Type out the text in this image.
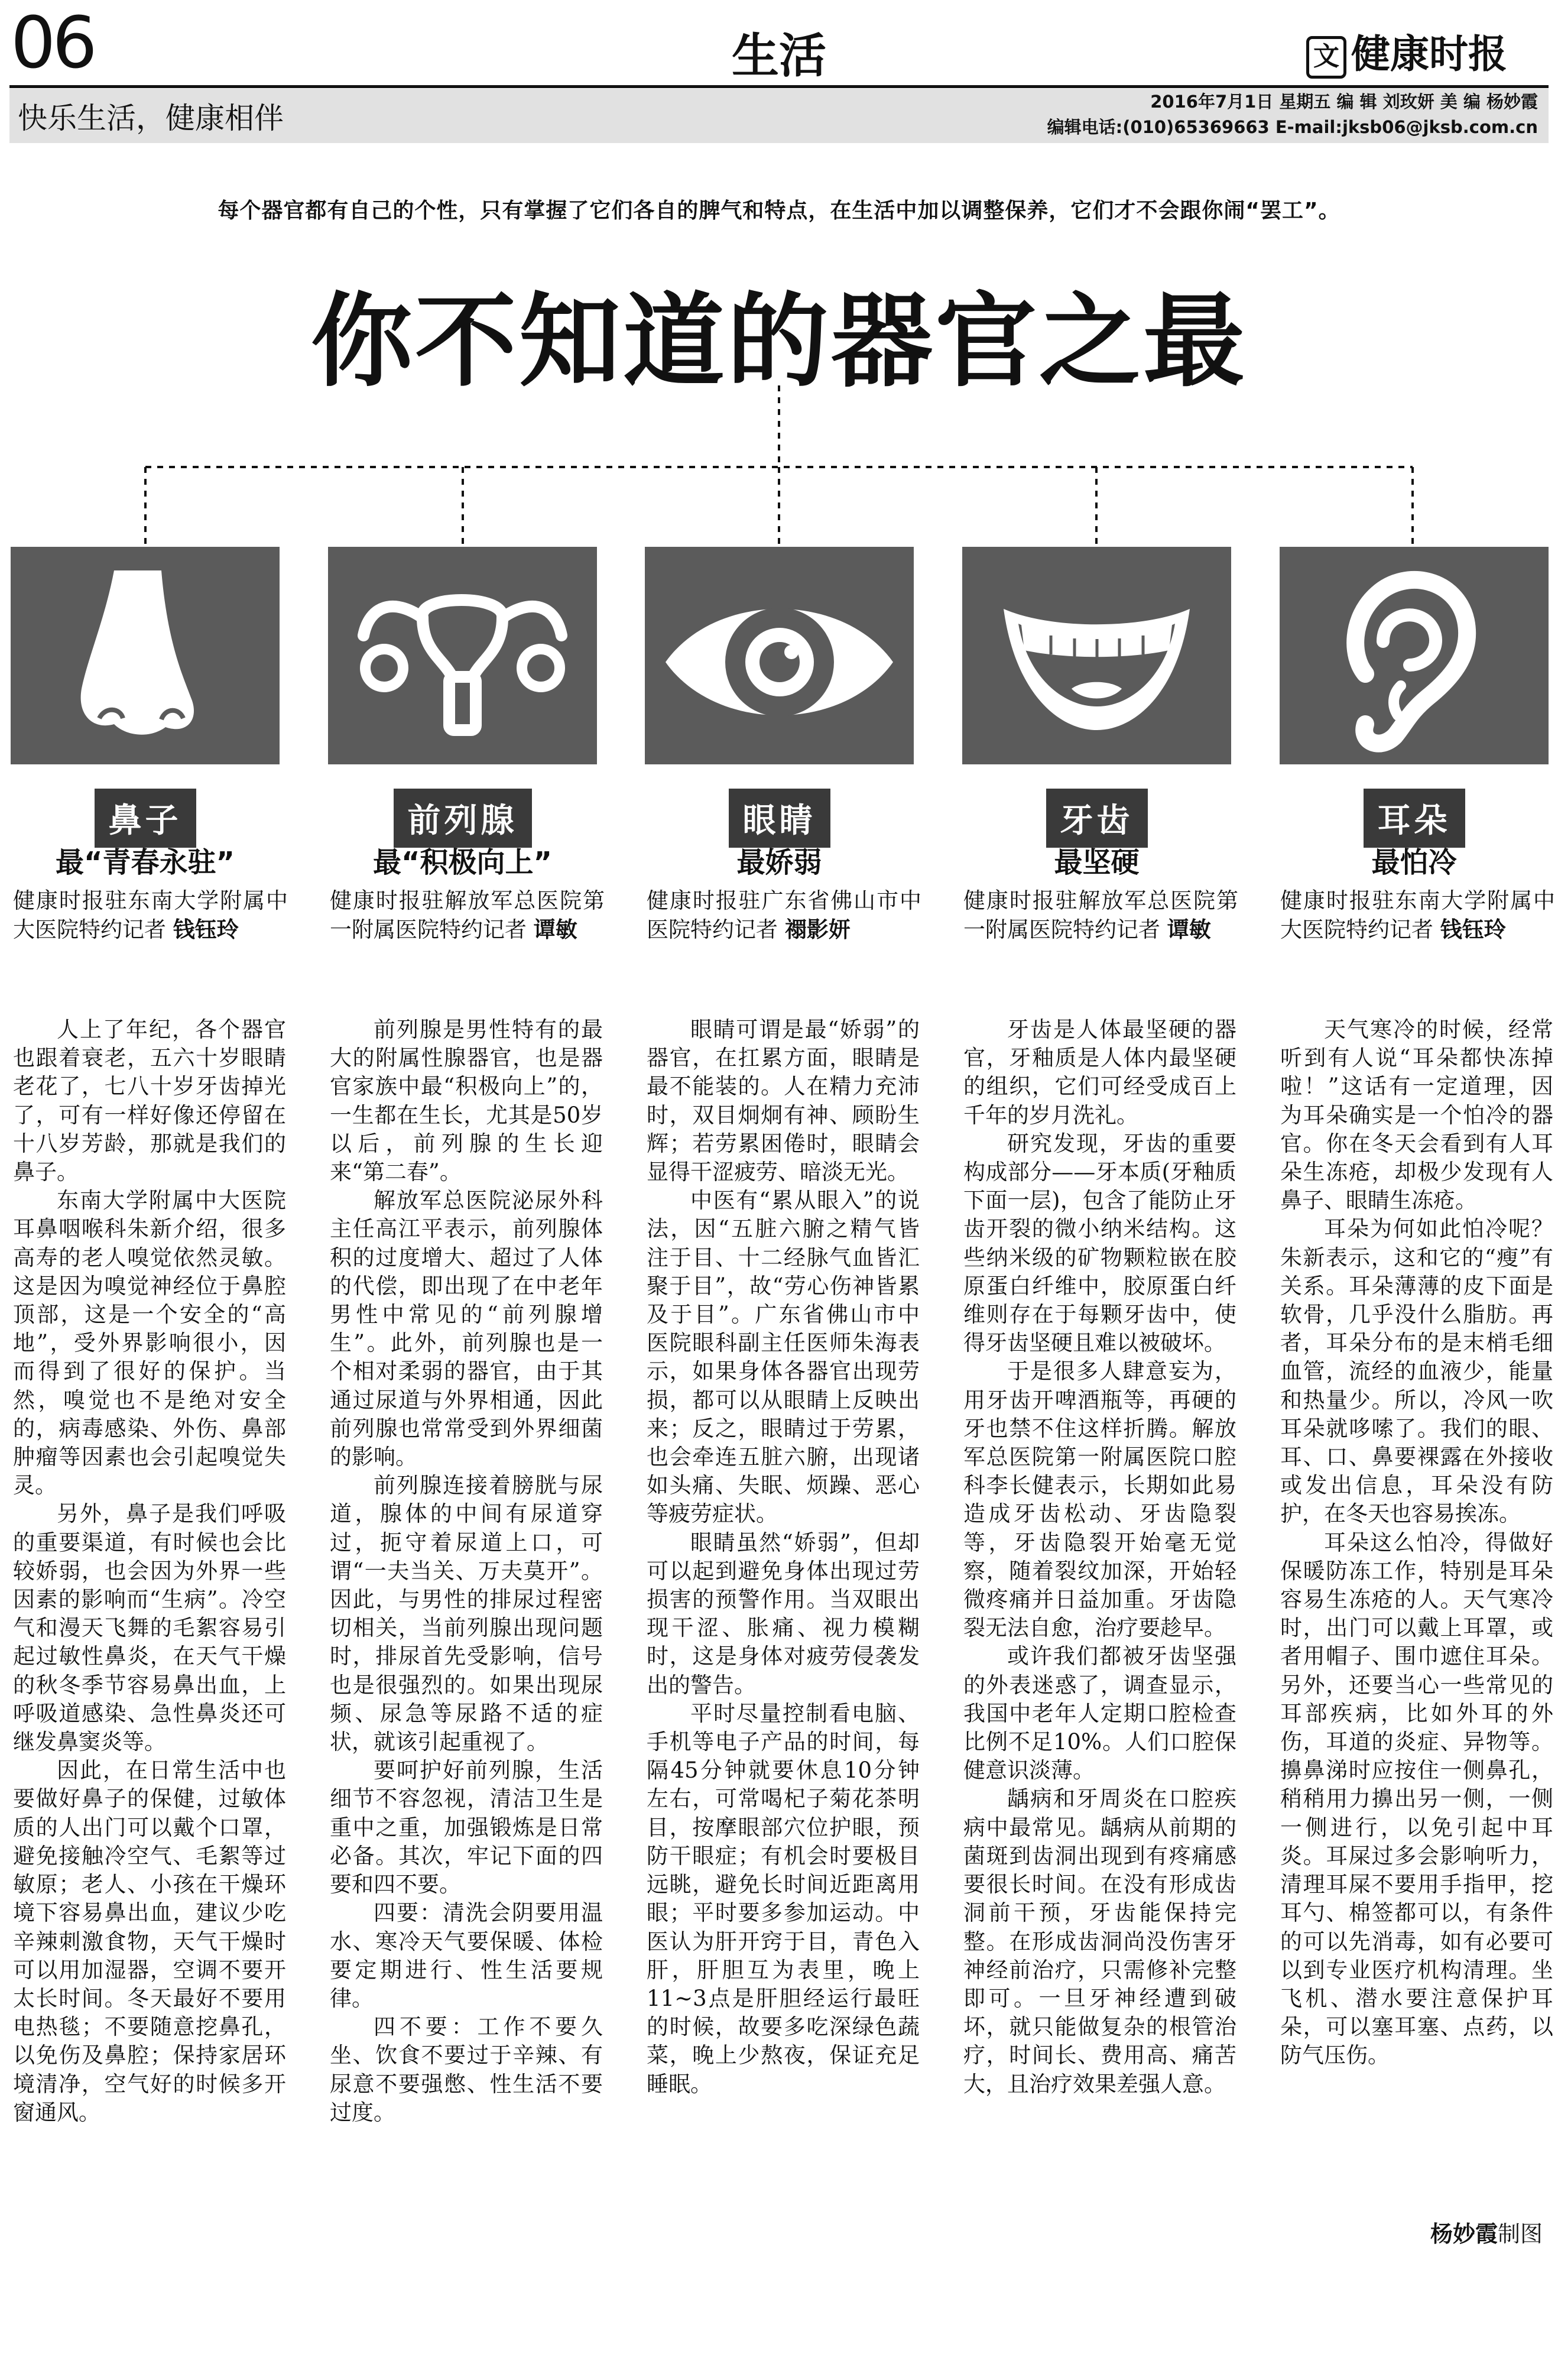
06	生活	文 健康时报
快乐生活，健康相伴	2016年7月1日 星期五 编 辑 刘玫妍 美 编 杨妙霞
编辑电话:(010)65369663 E-mail:jksb06@jksb.com.cn
每个器官都有自己的个性，只有掌握了它们各自的脾气和特点，在生活中加以调整保养，它们才不会跟你闹“罢工”。
你不知道的器官之最
鼻子	前列腺	眼睛	牙齿	耳朵
最“青春永驻”	最“积极向上”	最娇弱	最坚硬	最怕冷
健康时报驻东南大学附属中大医院特约记者 钱钰玲
健康时报驻解放军总医院第一附属医院特约记者 谭敏
健康时报驻广东省佛山市中医院特约记者 禤影妍
健康时报驻解放军总医院第一附属医院特约记者 谭敏
健康时报驻东南大学附属中大医院特约记者 钱钰玲

人上了年纪，各个器官也跟着衰老，五六十岁眼睛老花了，七八十岁牙齿掉光了，可有一样好像还停留在十八岁芳龄，那就是我们的鼻子。

东南大学附属中大医院耳鼻咽喉科朱新介绍，很多高寿的老人嗅觉依然灵敏。这是因为嗅觉神经位于鼻腔顶部，这是一个安全的“高地”，受外界影响很小，因而得到了很好的保护。当然，嗅觉也不是绝对安全的，病毒感染、外伤、鼻部肿瘤等因素也会引起嗅觉失灵。

另外，鼻子是我们呼吸的重要渠道，有时候也会比较娇弱，也会因为外界一些因素的影响而“生病”。冷空气和漫天飞舞的毛絮容易引起过敏性鼻炎，在天气干燥的秋冬季节容易鼻出血，上呼吸道感染、急性鼻炎还可继发鼻窦炎等。

因此，在日常生活中也要做好鼻子的保健，过敏体质的人出门可以戴个口罩，避免接触冷空气、毛絮等过敏原；老人、小孩在干燥环境下容易鼻出血，建议少吃辛辣刺激食物，天气干燥时可以用加湿器，空调不要开太长时间。冬天最好不要用电热毯；不要随意挖鼻孔，以免伤及鼻腔；保持家居环境清净，空气好的时候多开窗通风。

前列腺是男性特有的最大的附属性腺器官，也是器官家族中最“积极向上”的，一生都在生长，尤其是50岁以后，前列腺的生长迎来“第二春”。

解放军总医院泌尿外科主任高江平表示，前列腺体积的过度增大、超过了人体的代偿，即出现了在中老年男性中常见的“前列腺增生”。此外，前列腺也是一个相对柔弱的器官，由于其通过尿道与外界相通，因此前列腺也常常受到外界细菌的影响。

前列腺连接着膀胱与尿道，腺体的中间有尿道穿过，扼守着尿道上口，可谓“一夫当关、万夫莫开”。因此，与男性的排尿过程密切相关，当前列腺出现问题时，排尿首先受影响，信号也是很强烈的。如果出现尿频、尿急等尿路不适的症状，就该引起重视了。

要呵护好前列腺，生活细节不容忽视，清洁卫生是重中之重，加强锻炼是日常必备。其次，牢记下面的四要和四不要。

四要：清洗会阴要用温水、寒冷天气要保暖、体检要定期进行、性生活要规律。

四不要：工作不要久坐、饮食不要过于辛辣、有尿意不要强憋、性生活不要过度。

眼睛可谓是最“娇弱”的器官，在扛累方面，眼睛是最不能装的。人在精力充沛时，双目炯炯有神、顾盼生辉；若劳累困倦时，眼睛会显得干涩疲劳、暗淡无光。

中医有“累从眼入”的说法，因“五脏六腑之精气皆注于目、十二经脉气血皆汇聚于目”，故“劳心伤神皆累及于目”。广东省佛山市中医院眼科副主任医师朱海表示，如果身体各器官出现劳损，都可以从眼睛上反映出来；反之，眼睛过于劳累，也会牵连五脏六腑，出现诸如头痛、失眠、烦躁、恶心等疲劳症状。

眼睛虽然“娇弱”，但却可以起到避免身体出现过劳损害的预警作用。当双眼出现干涩、胀痛、视力模糊时，这是身体对疲劳侵袭发出的警告。

平时尽量控制看电脑、手机等电子产品的时间，每隔45分钟就要休息10分钟左右，可常喝杞子菊花茶明目，按摩眼部穴位护眼，预防干眼症；有机会时要极目远眺，避免长时间近距离用眼；平时要多参加运动。中医认为肝开窍于目，青色入肝，肝胆互为表里，晚上11~3点是肝胆经运行最旺的时候，故要多吃深绿色蔬菜，晚上少熬夜，保证充足睡眠。

牙齿是人体最坚硬的器官，牙釉质是人体内最坚硬的组织，它们可经受成百上千年的岁月洗礼。

研究发现，牙齿的重要构成部分——牙本质(牙釉质下面一层)，包含了能防止牙齿开裂的微小纳米结构。这些纳米级的矿物颗粒嵌在胶原蛋白纤维中，胶原蛋白纤维则存在于每颗牙齿中，使得牙齿坚硬且难以被破坏。

于是很多人肆意妄为，用牙齿开啤酒瓶等，再硬的牙也禁不住这样折腾。解放军总医院第一附属医院口腔科李长健表示，长期如此易造成牙齿松动、牙齿隐裂等，牙齿隐裂开始毫无觉察，随着裂纹加深，开始轻微疼痛并日益加重。牙齿隐裂无法自愈，治疗要趁早。

或许我们都被牙齿坚强的外表迷惑了，调查显示，我国中老年人定期口腔检查比例不足10%。人们口腔保健意识淡薄。

龋病和牙周炎在口腔疾病中最常见。龋病从前期的菌斑到齿洞出现到有疼痛感要很长时间。在没有形成齿洞前干预，牙齿能保持完整。在形成齿洞尚没伤害牙神经前治疗，只需修补完整即可。一旦牙神经遭到破坏，就只能做复杂的根管治疗，时间长、费用高、痛苦大，且治疗效果差强人意。

天气寒冷的时候，经常听到有人说“耳朵都快冻掉啦！”这话有一定道理，因为耳朵确实是一个怕冷的器官。你在冬天会看到有人耳朵生冻疮，却极少发现有人鼻子、眼睛生冻疮。

耳朵为何如此怕冷呢？朱新表示，这和它的“瘦”有关系。耳朵薄薄的皮下面是软骨，几乎没什么脂肪。再者，耳朵分布的是末梢毛细血管，流经的血液少，能量和热量少。所以，冷风一吹耳朵就哆嗦了。我们的眼、耳、口、鼻要裸露在外接收或发出信息，耳朵没有防护，在冬天也容易挨冻。

耳朵这么怕冷，得做好保暖防冻工作，特别是耳朵容易生冻疮的人。天气寒冷时，出门可以戴上耳罩，或者用帽子、围巾遮住耳朵。另外，还要当心一些常见的耳部疾病，比如外耳的外伤，耳道的炎症、异物等。擤鼻涕时应按住一侧鼻孔，稍稍用力擤出另一侧，一侧一侧进行，以免引起中耳炎。耳屎过多会影响听力，清理耳屎不要用手指甲，挖耳勺、棉签都可以，有条件的可以先消毒，如有必要可以到专业医疗机构清理。坐飞机、潜水要注意保护耳朵，可以塞耳塞、点药，以防气压伤。

杨妙霞制图
